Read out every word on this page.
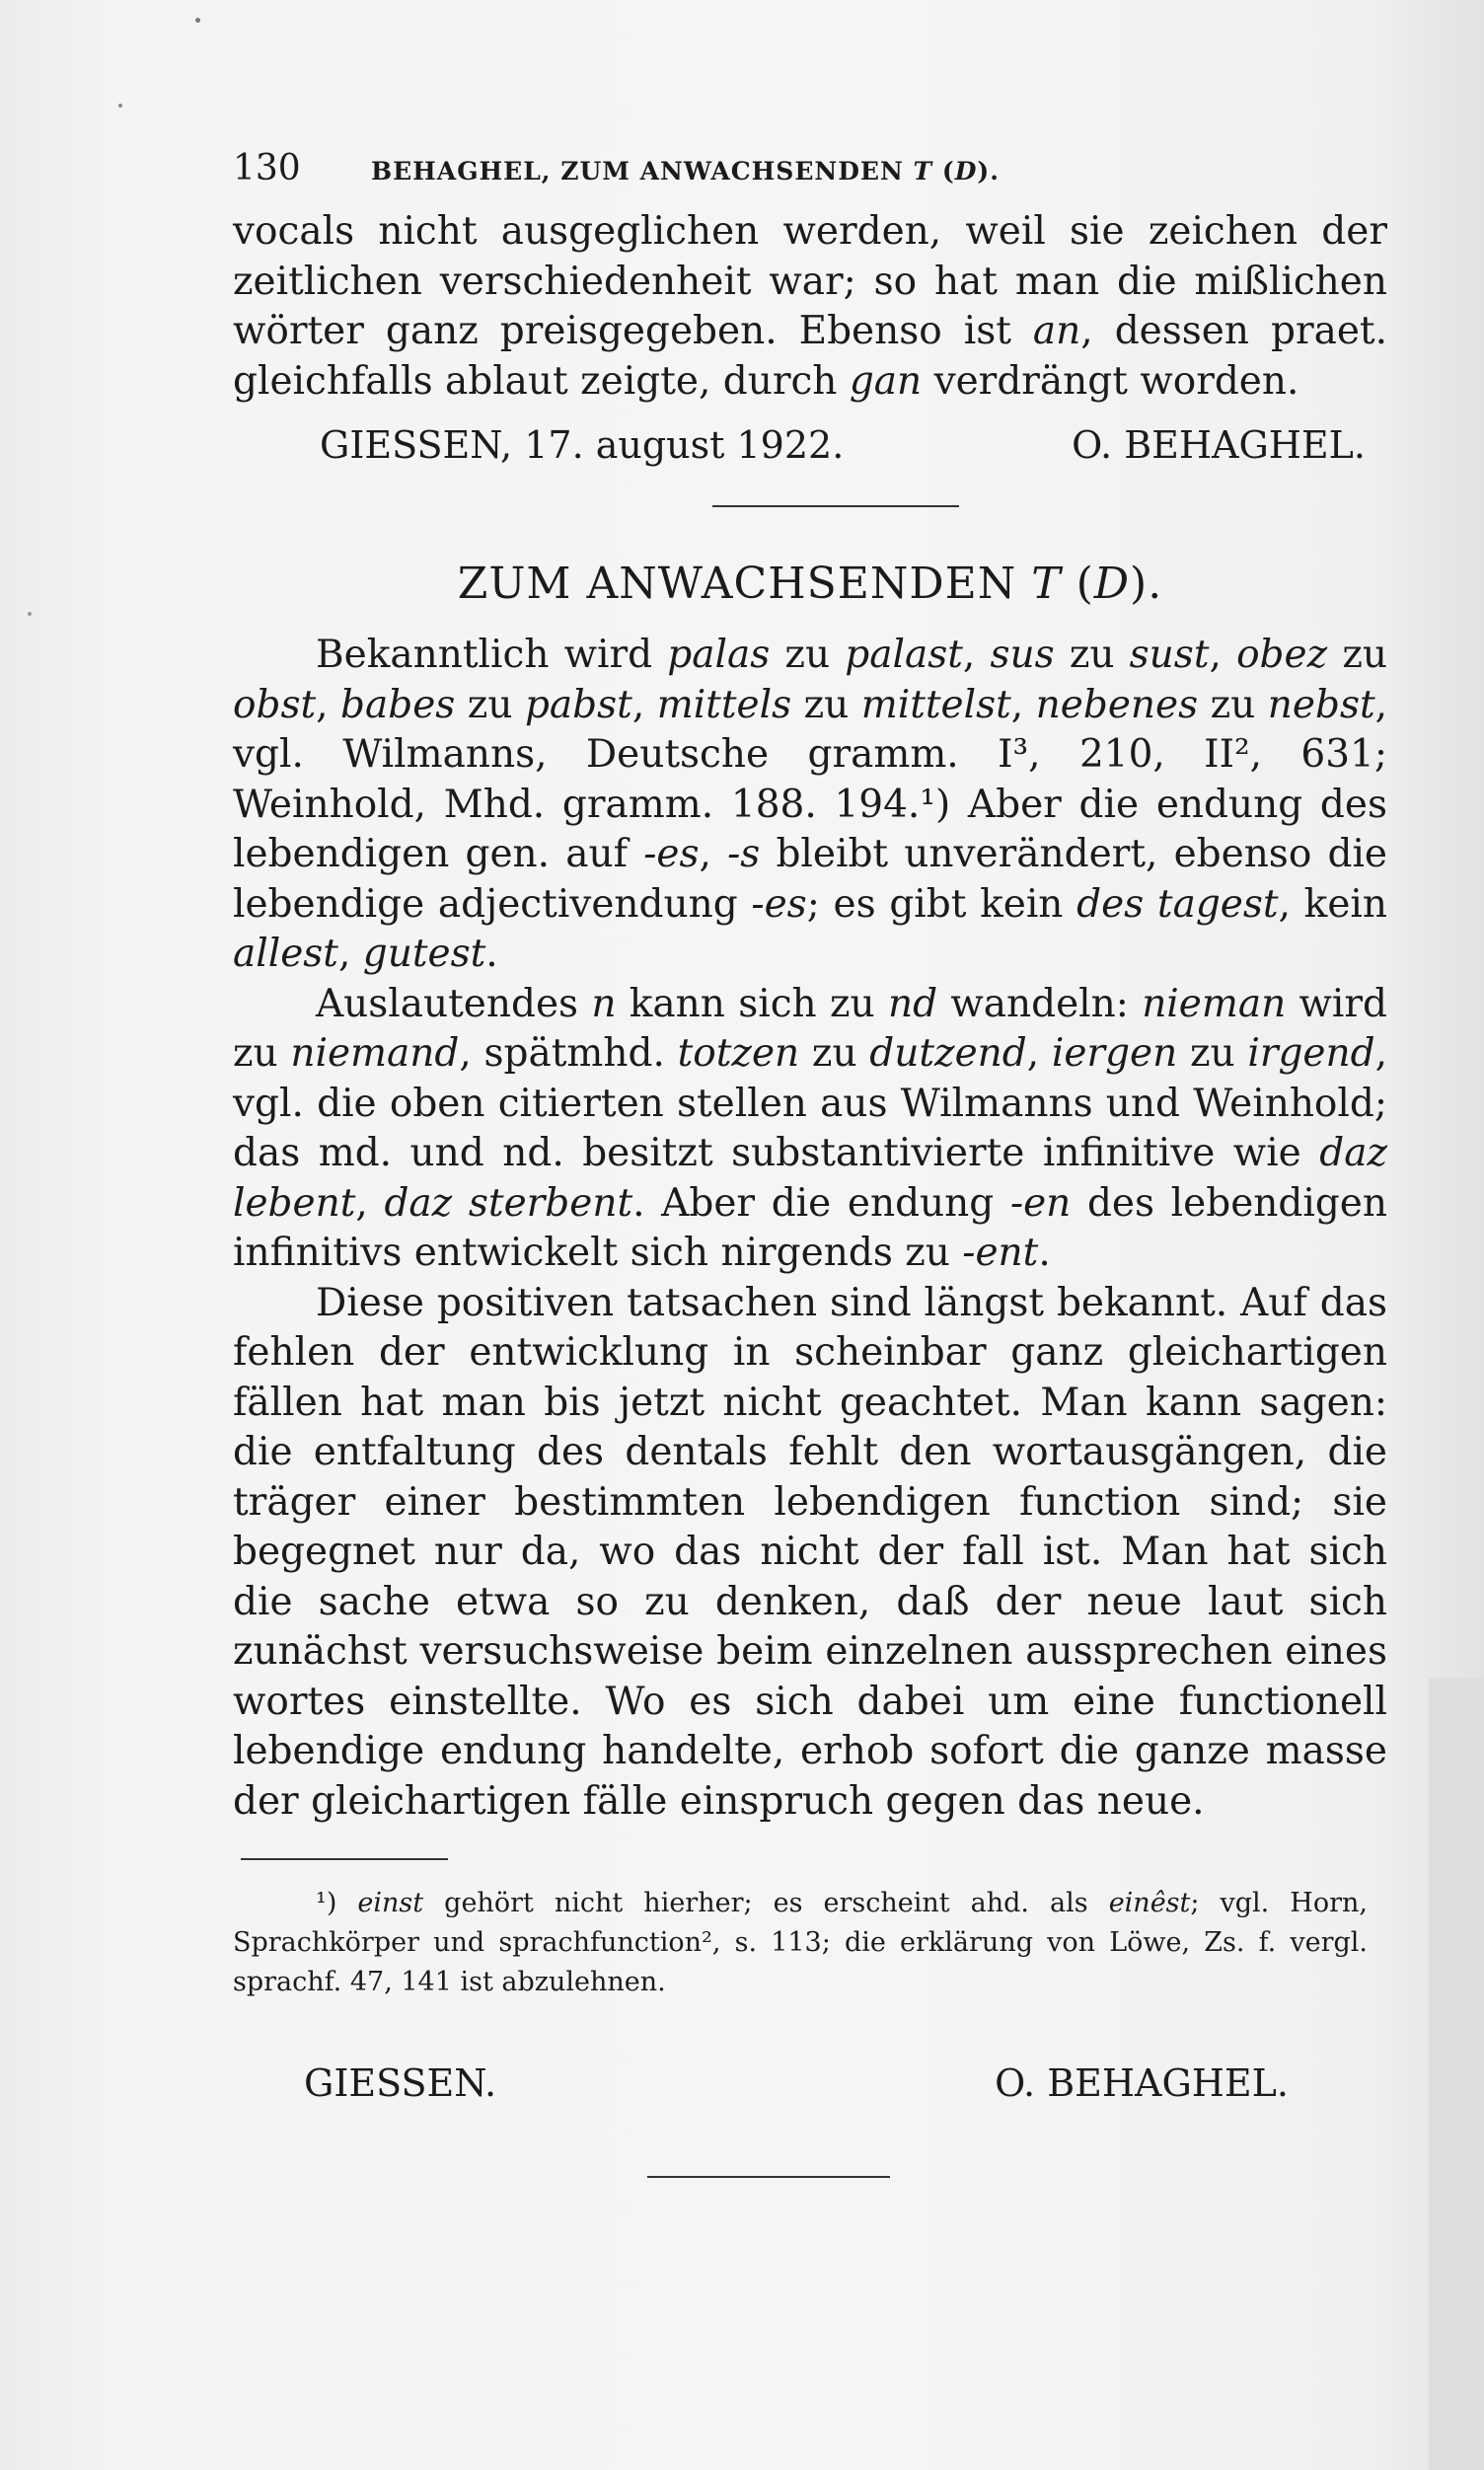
130	BEHAGHEL, ZUM ANWACHSENDEN T (D).

vocals nicht ausgeglichen werden, weil sie zeichen der zeitlichen verschiedenheit war; so hat man die mißlichen wörter ganz preisgegeben. Ebenso ist an, dessen praet. gleichfalls ablaut zeigte, durch gan verdrängt worden.

GIESSEN, 17. august 1922.	O. BEHAGHEL.
ZUM ANWACHSENDEN T (D).

Bekanntlich wird palas zu palast, sus zu sust, obez zu obst, babes zu pabst, mittels zu mittelst, nebenes zu nebst, vgl. Wilmanns, Deutsche gramm. I³, 210, II², 631; Weinhold, Mhd. gramm. 188. 194.¹) Aber die endung des lebendigen gen. auf -es, -s bleibt unverändert, ebenso die lebendige adjectivendung -es; es gibt kein des tagest, kein allest, gutest.

Auslautendes n kann sich zu nd wandeln: nieman wird zu niemand, spätmhd. totzen zu dutzend, iergen zu irgend, vgl. die oben citierten stellen aus Wilmanns und Weinhold; das md. und nd. besitzt substantivierte infinitive wie daz lebent, daz sterbent. Aber die endung -en des lebendigen infinitivs entwickelt sich nirgends zu -ent.

Diese positiven tatsachen sind längst bekannt. Auf das fehlen der entwicklung in scheinbar ganz gleichartigen fällen hat man bis jetzt nicht geachtet. Man kann sagen: die entfaltung des dentals fehlt den wortausgängen, die träger einer bestimmten lebendigen function sind; sie begegnet nur da, wo das nicht der fall ist. Man hat sich die sache etwa so zu denken, daß der neue laut sich zunächst versuchsweise beim einzelnen aussprechen eines wortes einstellte. Wo es sich dabei um eine functionell lebendige endung handelte, erhob sofort die ganze masse der gleichartigen fälle einspruch gegen das neue.

¹) einst gehört nicht hierher; es erscheint ahd. als einêst; vgl. Horn, Sprachkörper und sprachfunction², s. 113; die erklärung von Löwe, Zs. f. vergl. sprachf. 47, 141 ist abzulehnen.
GIESSEN.	O. BEHAGHEL.
